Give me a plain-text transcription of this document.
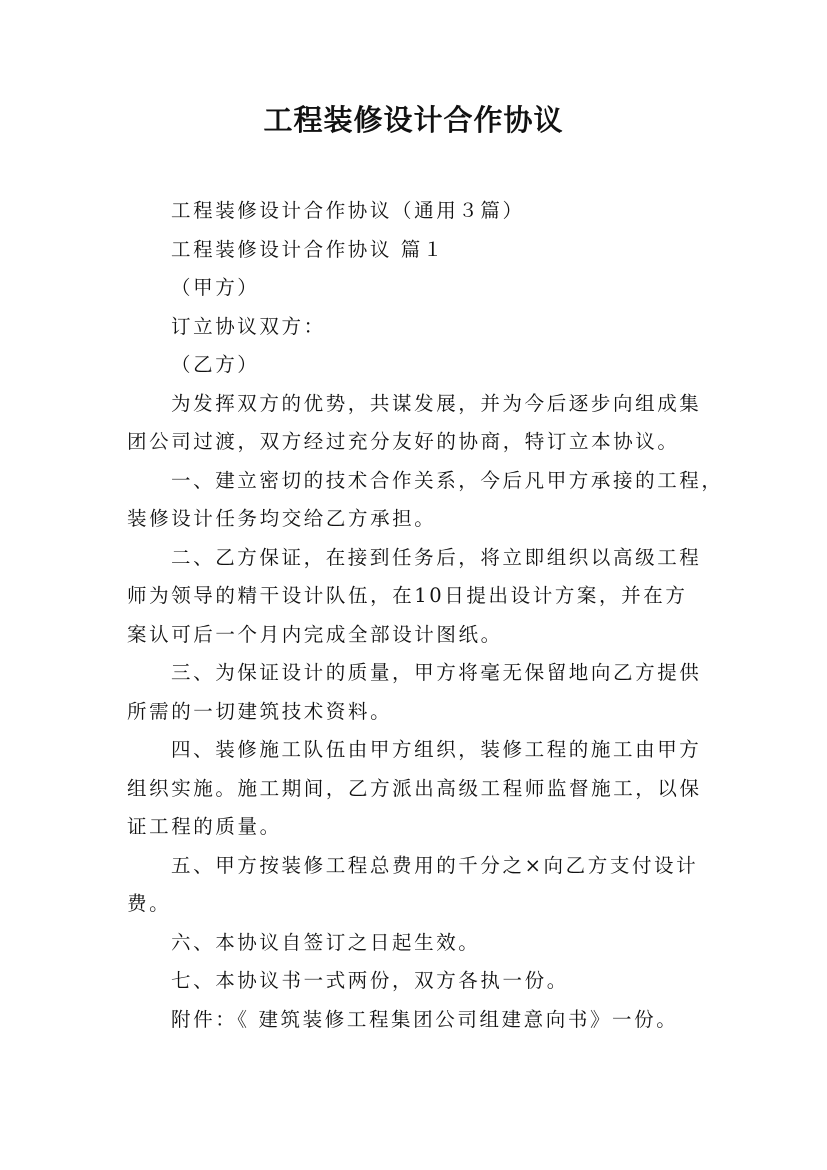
工程装修设计合作协议
工程装修设计合作协议（通用３篇）
工程装修设计合作协议 篇１
（甲方）
订立协议双方：
（乙方）
为发挥双方的优势，共谋发展，并为今后逐步向组成集
团公司过渡，双方经过充分友好的协商，特订立本协议。
一、建立密切的技术合作关系，今后凡甲方承接的工程，
装修设计任务均交给乙方承担。
二、乙方保证，在接到任务后，将立即组织以高级工程
师为领导的精干设计队伍，在10日提出设计方案，并在方
案认可后一个月内完成全部设计图纸。
三、为保证设计的质量，甲方将毫无保留地向乙方提供
所需的一切建筑技术资料。
四、装修施工队伍由甲方组织，装修工程的施工由甲方
组织实施。施工期间，乙方派出高级工程师监督施工，以保
证工程的质量。
五、甲方按装修工程总费用的千分之×向乙方支付设计
费。
六、本协议自签订之日起生效。
七、本协议书一式两份，双方各执一份。
附件：《 建筑装修工程集团公司组建意向书》一份。
